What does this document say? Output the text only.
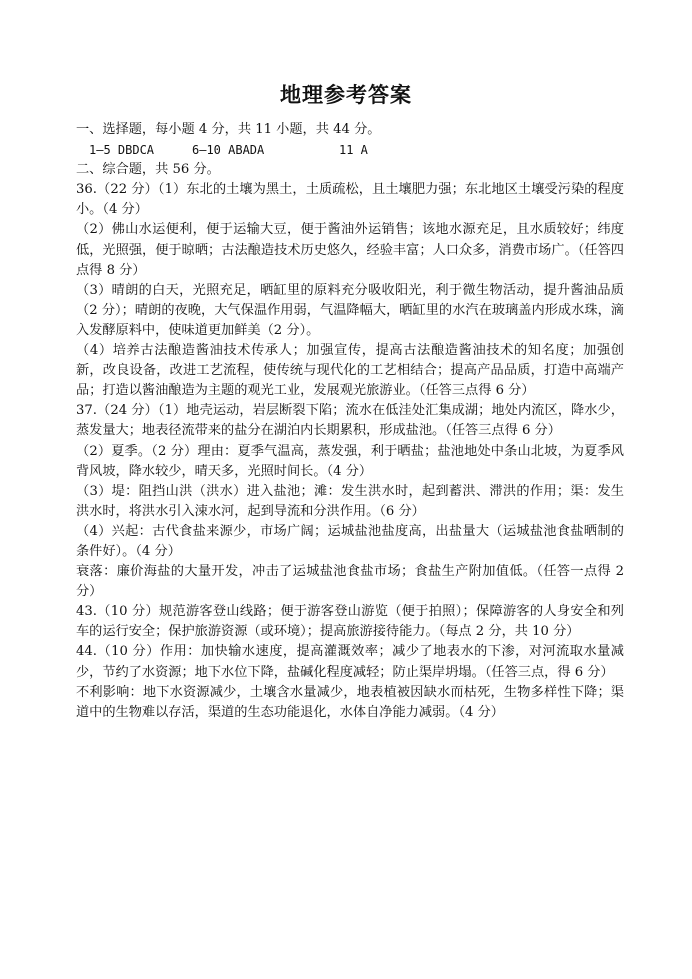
地理参考答案

一、选择题，每小题 4 分，共 11 小题，共 44 分。

1—5 DBDCA	6—10 ABADA	11 A

二、综合题，共 56 分。

36.（22 分）（1）东北的土壤为黑土，土质疏松，且土壤肥力强；东北地区土壤受污染的程度小。（4 分）

（2）佛山水运便利，便于运输大豆，便于酱油外运销售；该地水源充足，且水质较好；纬度低，光照强，便于晾晒；古法酿造技术历史悠久，经验丰富；人口众多，消费市场广。（任答四点得 8 分）

（3）晴朗的白天，光照充足，晒缸里的原料充分吸收阳光，利于微生物活动，提升酱油品质（2 分）；晴朗的夜晚，大气保温作用弱，气温降幅大，晒缸里的水汽在玻璃盖内形成水珠，滴入发酵原料中，使味道更加鲜美（2 分）。

（4）培养古法酿造酱油技术传承人；加强宣传，提高古法酿造酱油技术的知名度；加强创新，改良设备，改进工艺流程，使传统与现代化的工艺相结合；提高产品品质，打造中高端产品；打造以酱油酿造为主题的观光工业，发展观光旅游业。（任答三点得 6 分）

37.（24 分）（1）地壳运动，岩层断裂下陷；流水在低洼处汇集成湖；地处内流区，降水少，蒸发量大；地表径流带来的盐分在湖泊内长期累积，形成盐池。（任答三点得 6 分）

（2）夏季。（2 分）理由：夏季气温高，蒸发强，利于晒盐；盐池地处中条山北坡，为夏季风背风坡，降水较少，晴天多，光照时间长。（4 分）

（3）堤：阻挡山洪（洪水）进入盐池；滩：发生洪水时，起到蓄洪、滞洪的作用；渠：发生洪水时，将洪水引入涑水河，起到导流和分洪作用。（6 分）

（4）兴起：古代食盐来源少，市场广阔；运城盐池盐度高，出盐量大（运城盐池食盐晒制的条件好）。（4 分）

衰落：廉价海盐的大量开发，冲击了运城盐池食盐市场；食盐生产附加值低。（任答一点得 2 分）

43.（10 分）规范游客登山线路；便于游客登山游览（便于拍照）；保障游客的人身安全和列车的运行安全；保护旅游资源（或环境）；提高旅游接待能力。（每点 2 分，共 10 分）

44.（10 分）作用：加快输水速度，提高灌溉效率；减少了地表水的下渗，对河流取水量减少，节约了水资源；地下水位下降，盐碱化程度减轻；防止渠岸坍塌。（任答三点，得 6 分）

不利影响：地下水资源减少，土壤含水量减少，地表植被因缺水而枯死，生物多样性下降；渠道中的生物难以存活，渠道的生态功能退化，水体自净能力减弱。（4 分）
